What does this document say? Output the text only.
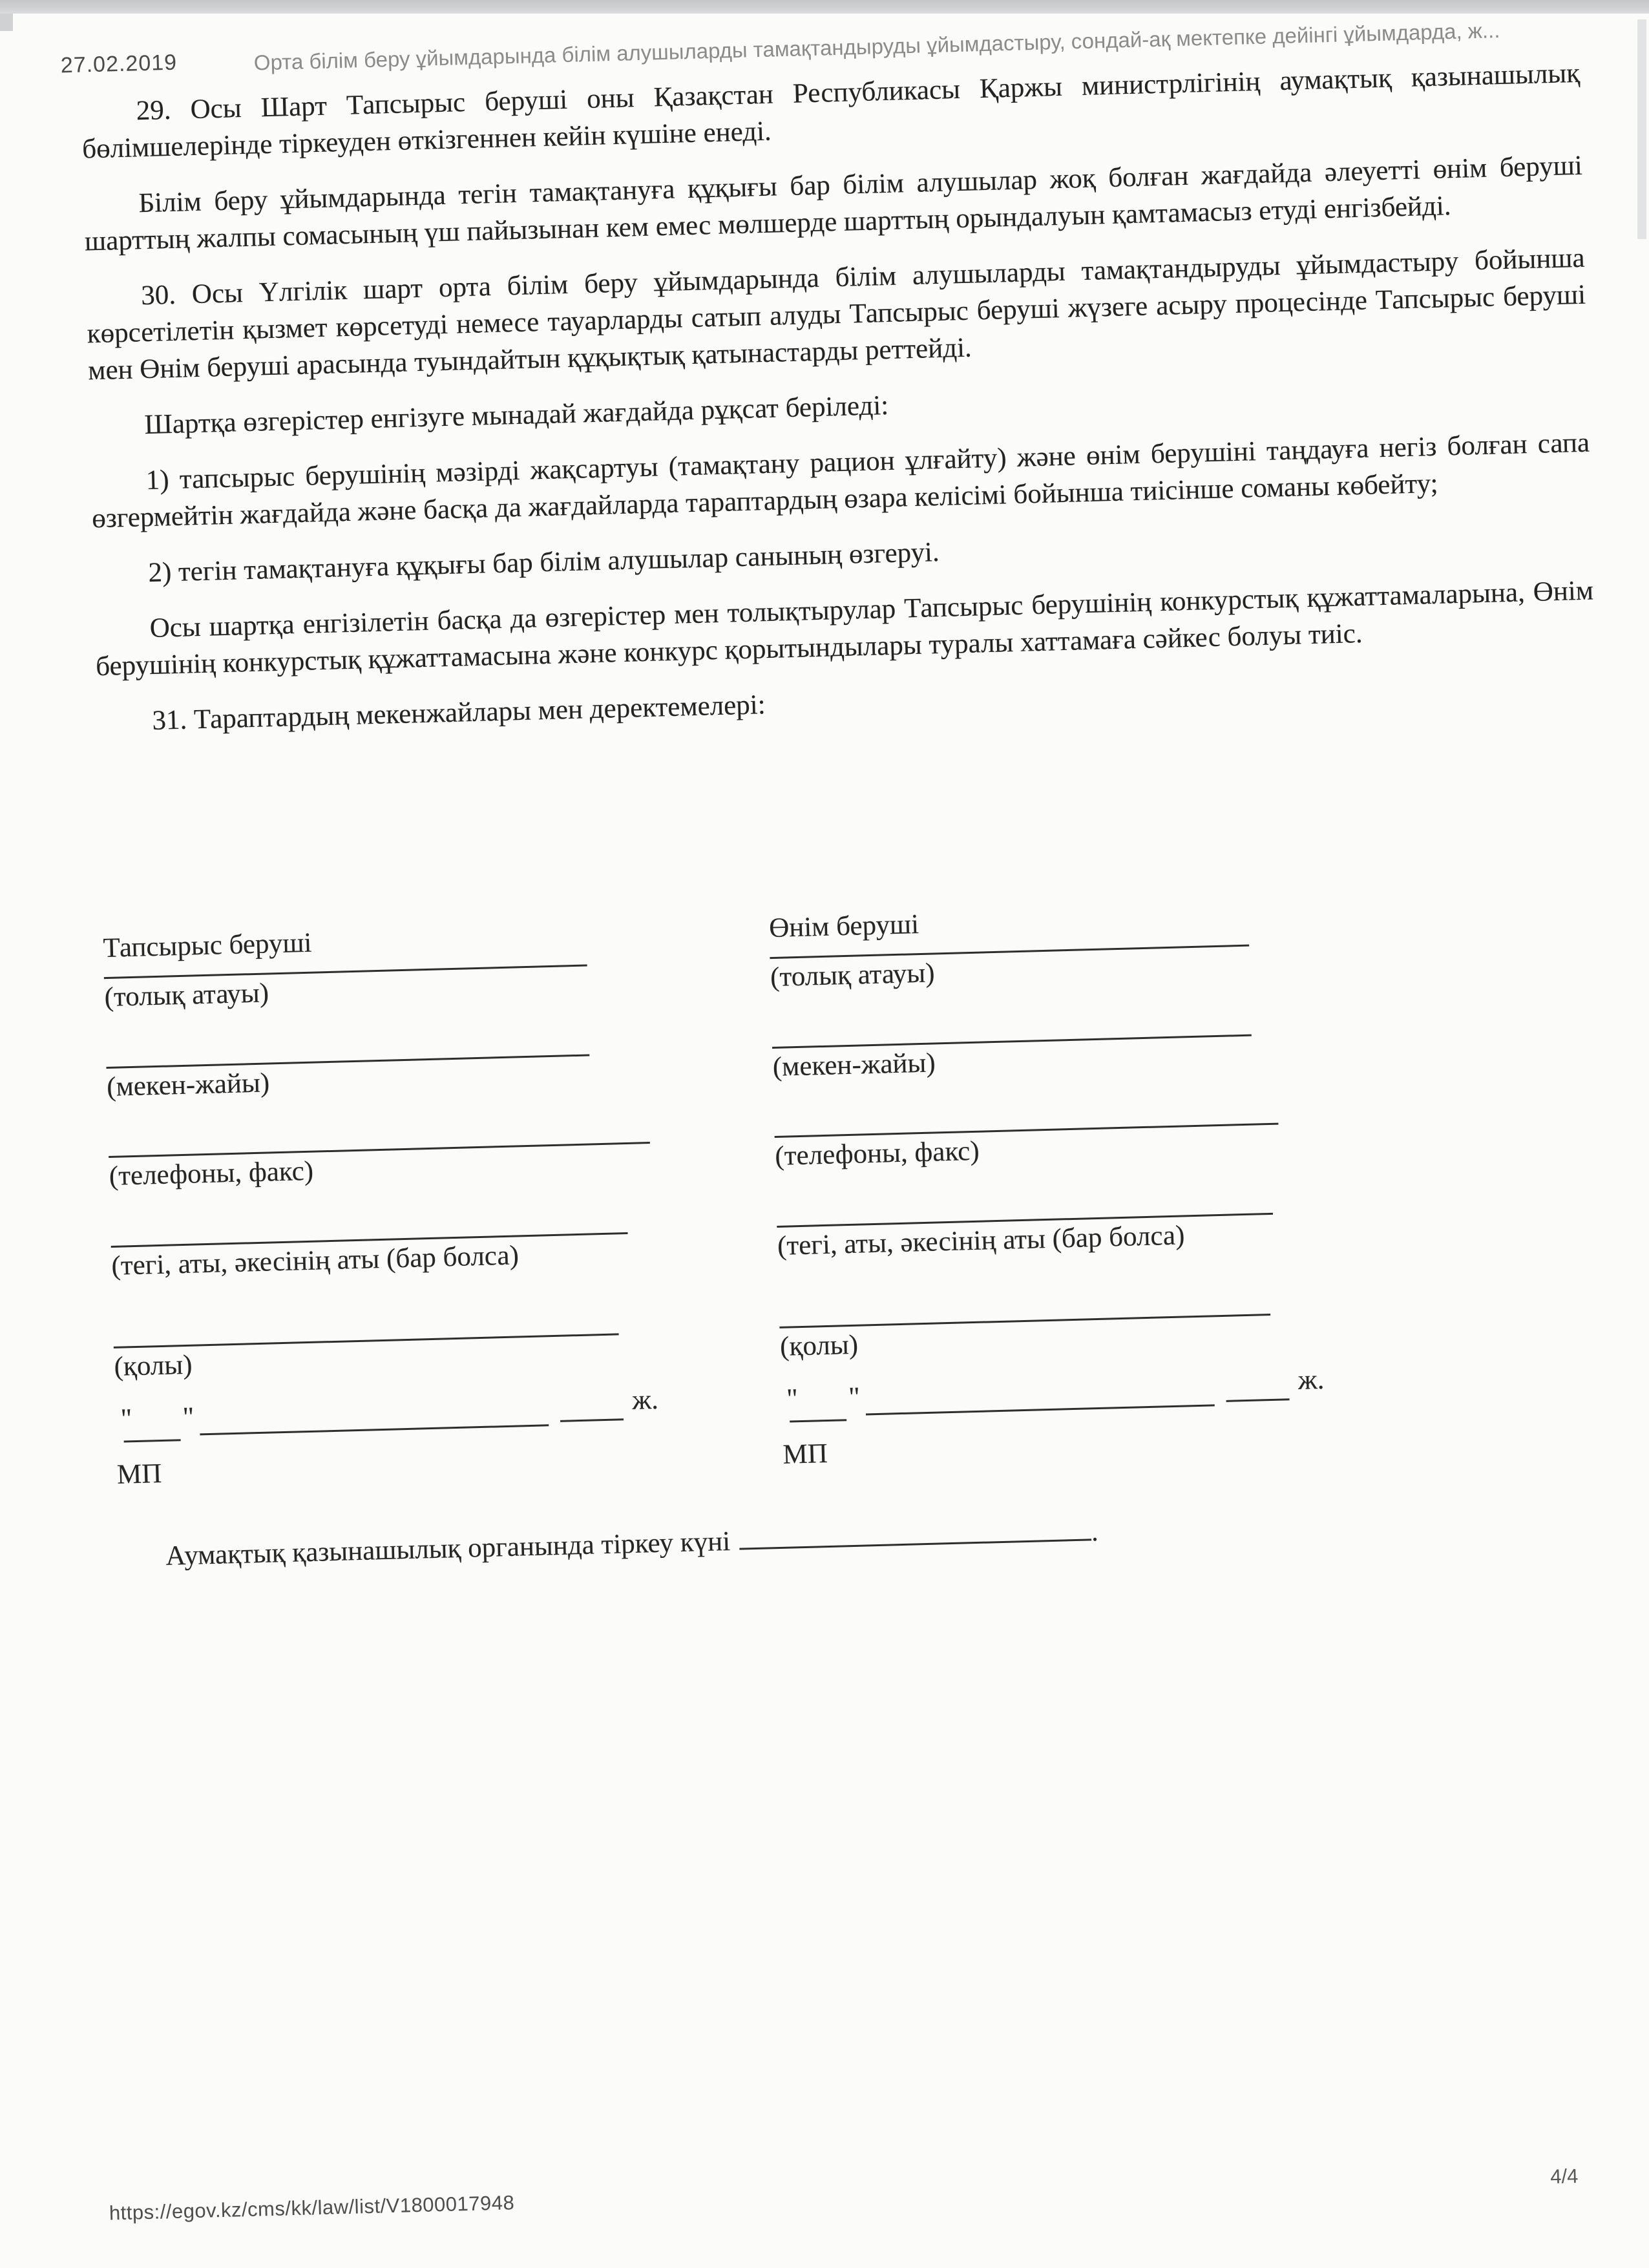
27.02.2019	Орта білім беру ұйымдарында білім алушыларды тамақтандыруды ұйымдастыру, сондай-ақ мектепке дейінгі ұйымдарда, ж...

29. Осы Шарт Тапсырыс беруші оны Қазақстан Республикасы Қаржы министрлігінің аумақтық қазынашылық бөлімшелерінде тіркеуден өткізгеннен кейін күшіне енеді.

Білім беру ұйымдарында тегін тамақтануға құқығы бар білім алушылар жоқ болған жағдайда әлеуетті өнім беруші шарттың жалпы сомасының үш пайызынан кем емес мөлшерде шарттың орындалуын қамтамасыз етуді енгізбейді.

30. Осы Үлгілік шарт орта білім беру ұйымдарында білім алушыларды тамақтандыруды ұйымдастыру бойынша көрсетілетін қызмет көрсетуді немесе тауарларды сатып алуды Тапсырыс беруші жүзеге асыру процесінде Тапсырыс беруші мен Өнім беруші арасында туындайтын құқықтық қатынастарды реттейді.

Шартқа өзгерістер енгізуге мынадай жағдайда рұқсат беріледі:

1) тапсырыс берушінің мәзірді жақсартуы (тамақтану рацион ұлғайту) және өнім берушіні таңдауға негіз болған сапа өзгермейтін жағдайда және басқа да жағдайларда тараптардың өзара келісімі бойынша тиісінше соманы көбейту;

2) тегін тамақтануға құқығы бар білім алушылар санының өзгеруі.

Осы шартқа енгізілетін басқа да өзгерістер мен толықтырулар Тапсырыс берушінің конкурстық құжаттамаларына, Өнім берушінің конкурстық құжаттамасына және конкурс қорытындылары туралы хаттамаға сәйкес болуы тиіс.

31. Тараптардың мекенжайлары мен деректемелері:

Тапсырыс беруші
(толық атауы)
(мекен-жайы)
(телефоны, факс)
(тегі, аты, әкесінің аты (бар болса)
(қолы)
" "
ж.
МП
Өнім беруші
(толық атауы)
(мекен-жайы)
(телефоны, факс)
(тегі, аты, әкесінің аты (бар болса)
(қолы)
" "
ж.
МП
Аумақтық қазынашылық органында тіркеу күні	.
https://egov.kz/cms/kk/law/list/V1800017948
4/4
